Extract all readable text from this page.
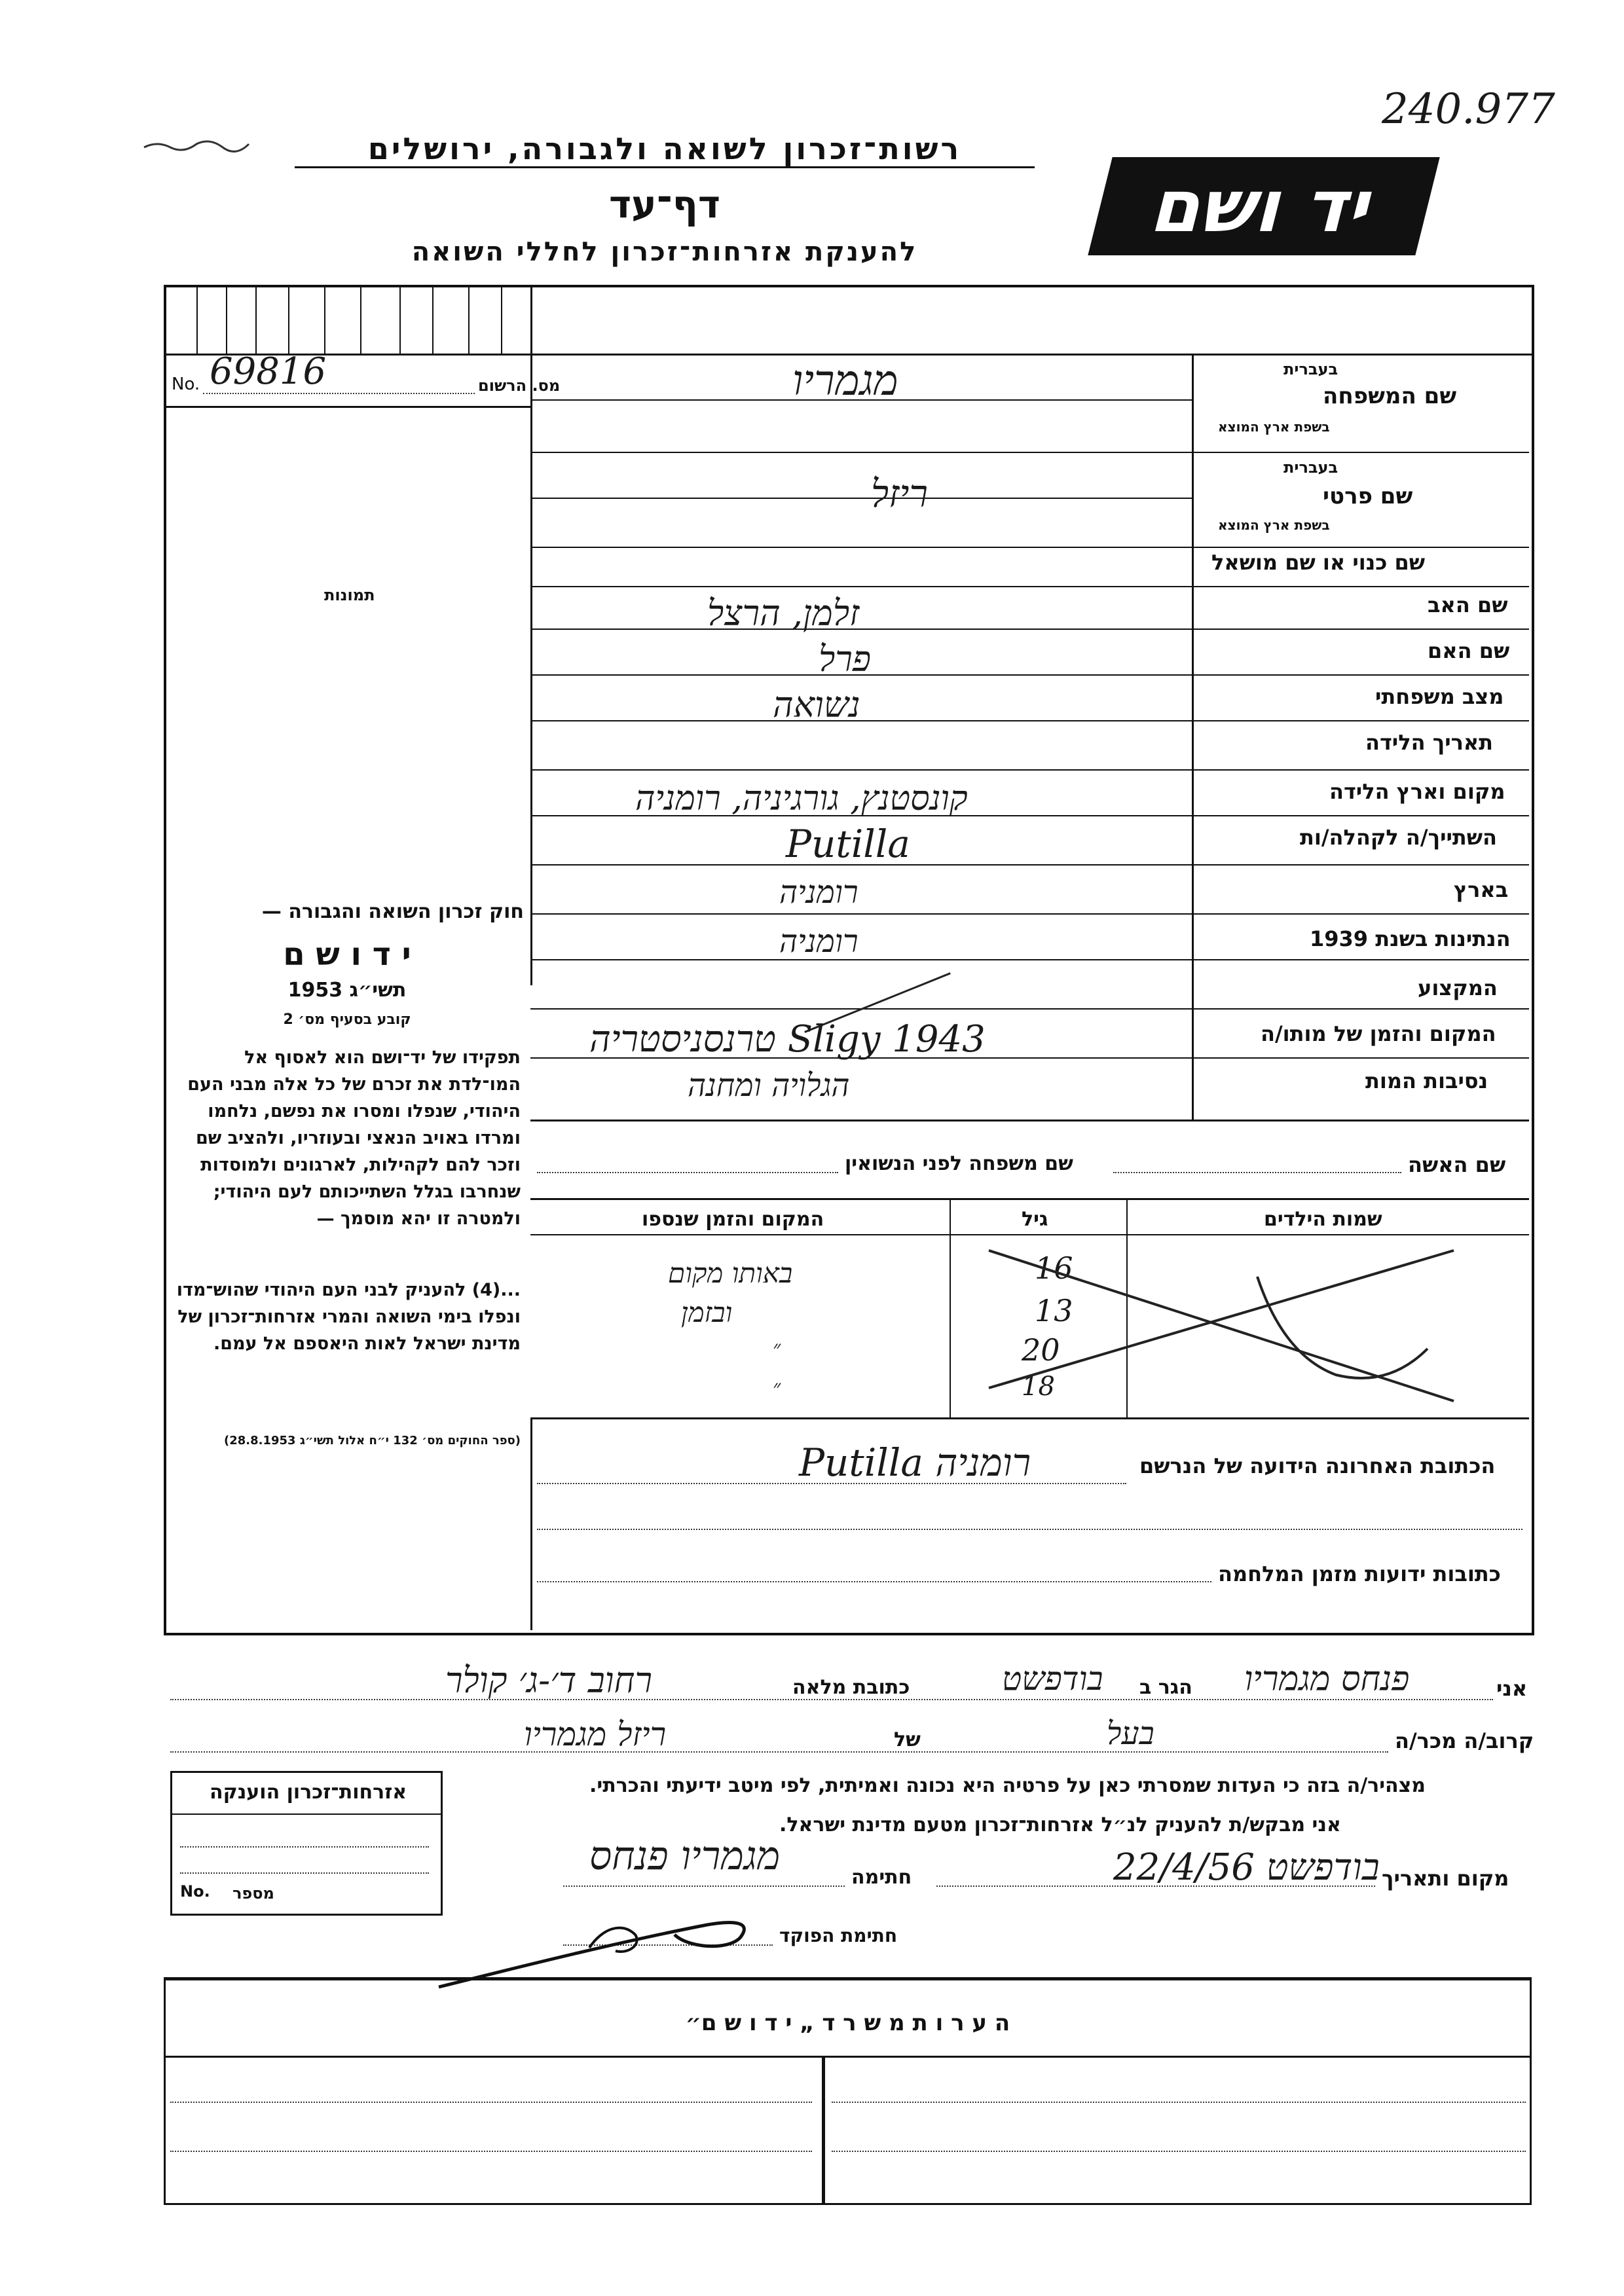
240.977
רשות־זכרון לשואה ולגבורה, ירושלים
דף־עד
להענקת אזרחות־זכרון לחללי השואה
יד ושם
מס. הרשום
No. 69816
תמונות
חוק זכרון השואה והגבורה —
י ד ו ש ם
תשי״ג 1953
קובע בסעיף מס׳ 2
תפקידו של יד־ושם הוא לאסוף אל המו־לדת את זכרם של כל אלה מבני העם היהודי, שנפלו ומסרו את נפשם, נלחמו ומרדו באויב הנאצי ובעוזריו, ולהציב שם וזכר להם לקהילות, לארגונים ולמוסדות שנחרבו בגלל השתייכותם לעם היהודי; ולמטרה זו יהא מוסמך —
...(4) להעניק לבני העם היהודי שהוש־מדו ונפלו בימי השואה והמרי אזרחות־זכרון של מדינת ישראל לאות היאספם אל עמם.
(ספר החוקים מס׳ 132 י״ח אלול תשי״ג 28.8.1953)
שם המשפחה
בעברית
בשפת ארץ המוצא
שם פרטי
בעברית
בשפת ארץ המוצא
שם כנוי או שם מושאל
שם האב
שם האם
מצב משפחתי
תאריך הלידה
מקום וארץ הלידה
השתייך/ה לקהלה/ות
בארץ
הנתינות בשנת 1939
המקצוע
המקום והזמן של מותו/ה
נסיבות המות
מגמריו
ריזל
זלמן, הרצל
פרל
נשואה
קונסטנץ, גורגיניה, רומניה
Putilla
רומניה
רומניה
טרנסניסטריה Sligy 1943
הגלויה ומחנה
שם האשה
שם משפחה לפני הנשואין
שמות הילדים
גיל
המקום והזמן שנספו
16
13
20
18
באותו מקום
ובזמן
״
״
הכתובת האחרונה הידועה של הנרשם
Putilla רומניה
כתובות ידועות מזמן המלחמה
אני
פנחס מגמריו
הגר ב
בודפשט
כתובת מלאה
רחוב ד׳-ג׳ קולר
קרוב/ה מכר/ה
בעל
של
ריזל מגמריו
מצהיר/ה בזה כי העדות שמסרתי כאן על פרטיה היא נכונה ואמיתית, לפי מיטב ידיעתי והכרתי.
אני מבקש/ת להעניק לנ״ל אזרחות־זכרון מטעם מדינת ישראל.
מקום ותאריך
בודפשט 22/4/56
חתימה
מגמריו פנחס
חתימת הפוקד
אזרחות־זכרון הוענקה
No. מספר
ה ע ר ו ת מ ש ר ד „ י ד ו ש ם״
